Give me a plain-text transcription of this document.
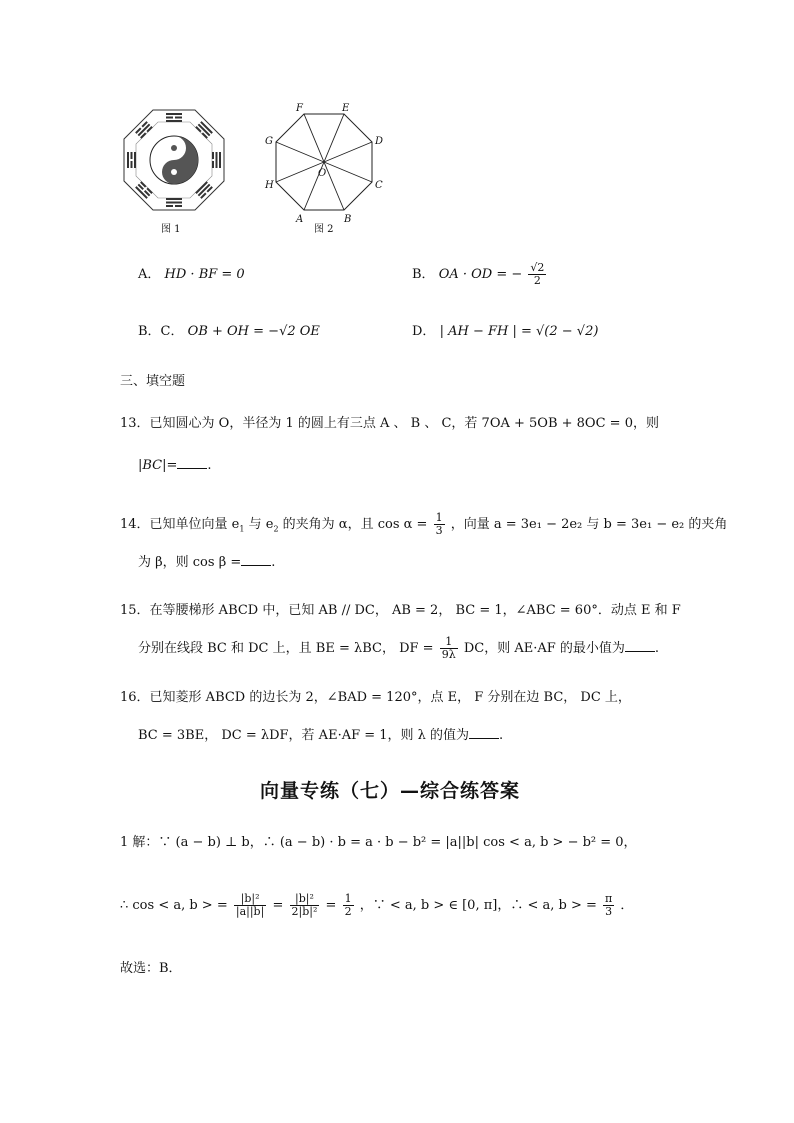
图 1
F	E
D
C
B
A
H
G
O
图 2
A． HD · BF = 0	B． OA · OD = − $\frac{√2}{2}$
B．C． OB + OH = −√2 OE	D． | AH − FH | = √(2 − √2)
三、填空题
13．已知圆心为 O，半径为 1 的圆上有三点 A 、 B 、 C，若 7OA + 5OB + 8OC = 0，则
|BC|= .
14．已知单位向量 $e_1$ 与 $e_2$ 的夹角为 α，且 $\cos \alpha = \frac{1}{3}$ ，向量 a = 3e₁ − 2e₂ 与 b = 3e₁ − e₂ 的夹角
为 β，则 cos β = .
15．在等腰梯形 ABCD 中，已知 AB // DC， AB = 2， BC = 1，∠ABC = 60°．动点 E 和 F
分别在线段 BC 和 DC 上，且 BE = λBC， DF = $\frac{1}{9\lambda}$ DC，则 AE·AF 的最小值为 .
16．已知菱形 ABCD 的边长为 2，∠BAD = 120°，点 E， F 分别在边 BC， DC 上，
BC = 3BE， DC = λDF，若 AE·AF = 1，则 λ 的值为 .
向量专练（七）—综合练答案
1 解：∵ (a − b) ⊥ b，∴ (a − b) · b = a · b − b² = |a||b| cos < a, b > − b² = 0，
∴ cos < a, b > = $\frac{\text{|b|²}}{|a||b|} = \frac{\text{|b|²}}{\text{2|b|²}} = \frac{1}{2}$ ，∵ < a, b > ∈ [0, π]，∴ < a, b > = $\frac{\pi}{3}$ ．
故选：B．
